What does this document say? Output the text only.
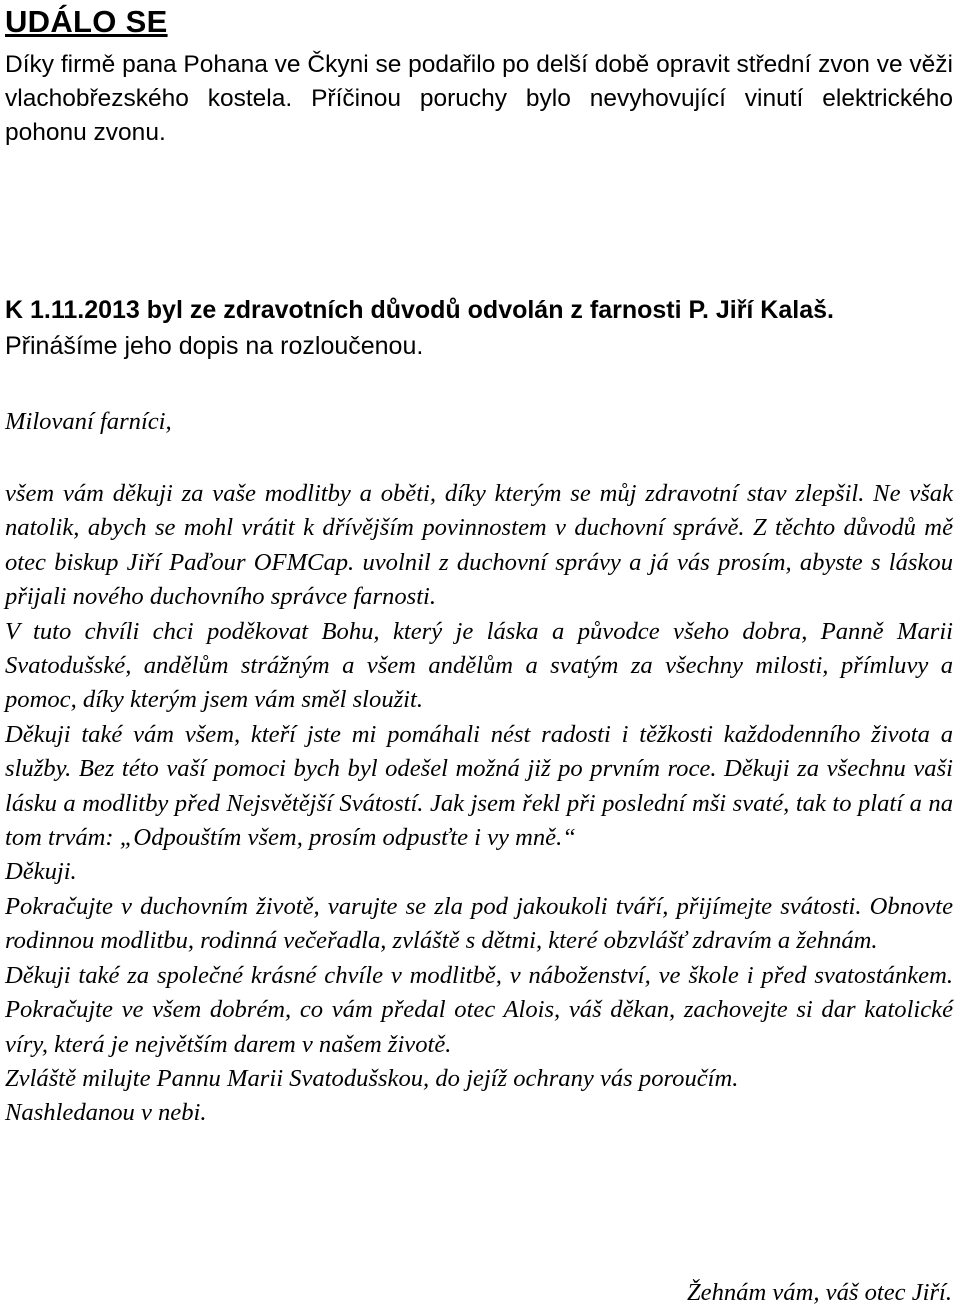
UDÁLO SE
Díky firmě pana Pohana ve Čkyni se podařilo po delší době opravit střední zvon ve věži vlachobřezského kostela. Příčinou poruchy bylo nevyhovující vinutí elektrického pohonu zvonu.
K 1.11.2013 byl ze zdravotních důvodů odvolán z farnosti P. Jiří Kalaš.
Přinášíme jeho dopis na rozloučenou.
Milovaní farníci,

všem vám děkuji za vaše modlitby a oběti, díky kterým se můj zdravotní stav zlepšil. Ne však natolik, abych se mohl vrátit k dřívějším povinnostem v duchovní správě. Z těchto důvodů mě otec biskup Jiří Paďour OFMCap. uvolnil z duchovní správy a já vás prosím, abyste s láskou přijali nového duchovního správce farnosti.

V tuto chvíli chci poděkovat Bohu, který je láska a původce všeho dobra, Panně Marii Svatodušské, andělům strážným a všem andělům a svatým za všechny milosti, přímluvy a pomoc, díky kterým jsem vám směl sloužit.

Děkuji také vám všem, kteří jste mi pomáhali nést radosti i těžkosti každodenního života a služby. Bez této vaší pomoci bych byl odešel možná již po prvním roce. Děkuji za všechnu vaši lásku a modlitby před Nejsvětější Svátostí. Jak jsem řekl při poslední mši svaté, tak to platí a na tom trvám: „Odpouštím všem, prosím odpusťte i vy mně.“

Děkuji.

Pokračujte v duchovním životě, varujte se zla pod jakoukoli tváří, přijímejte svátosti. Obnovte rodinnou modlitbu, rodinná večeřadla, zvláště s dětmi, které obzvlášť zdravím a žehnám.

Děkuji také za společné krásné chvíle v modlitbě, v náboženství, ve škole i před svatostánkem. Pokračujte ve všem dobrém, co vám předal otec Alois, váš děkan, zachovejte si dar katolické víry, která je největším darem v našem životě.

Zvláště milujte Pannu Marii Svatodušskou, do jejíž ochrany vás poroučím.

Nashledanou v nebi.

Žehnám vám, váš otec Jiří.
